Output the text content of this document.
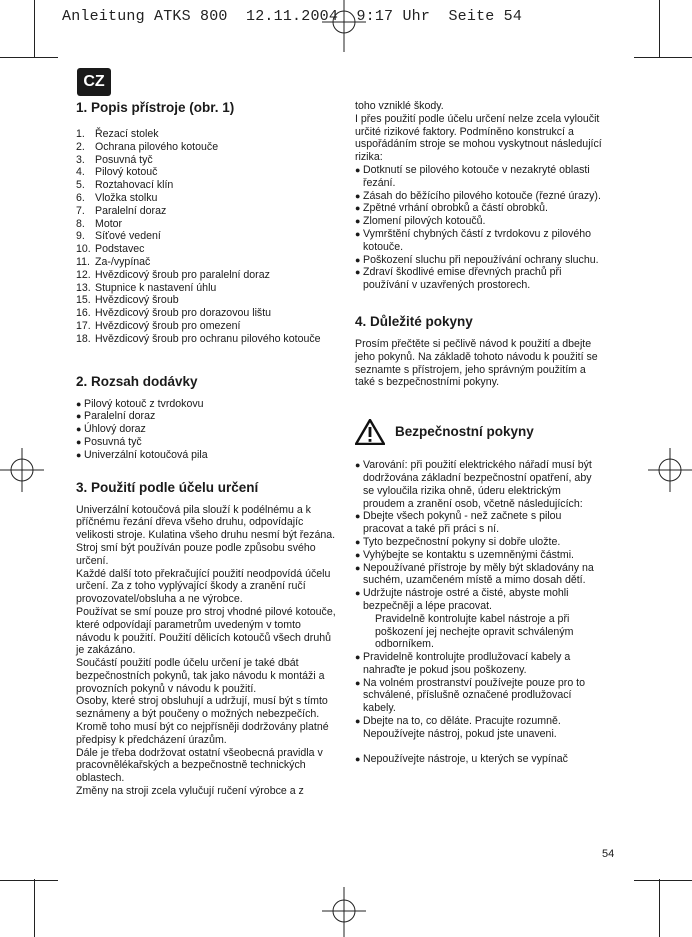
Anleitung ATKS 800  12.11.2004  9:17 Uhr  Seite 54
CZ
1. Popis přístroje (obr. 1)
1. Řezací stolek
2. Ochrana pilového kotouče
3. Posuvná tyč
4. Pilový kotouč
5. Roztahovací klín
6. Vložka stolku
7. Paralelní doraz
8. Motor
9. Síťové vedení
10. Podstavec
11. Za-/vypínač
12. Hvězdicový šroub pro paralelní doraz
13. Stupnice k nastavení úhlu
15. Hvězdicový šroub
16. Hvězdicový šroub pro dorazovou lištu
17. Hvězdicový šroub pro omezení
18. Hvězdicový šroub pro ochranu pilového kotouče
2. Rozsah dodávky
● Pilový kotouč z tvrdokovu
● Paralelní doraz
● Úhlový doraz
● Posuvná tyč
● Univerzální kotoučová pila
3. Použití podle účelu určení

Univerzální kotoučová pila slouží k podélnému a k příčnému řezání dřeva všeho druhu, odpovídajíc velikosti stroje. Kulatina všeho druhu nesmí být řezána.

Stroj smí být používán pouze podle způsobu svého určení.

Každé další toto překračující použití neodpovídá účelu určení. Za z toho vyplývající škody a zranění ručí provozovatel/obsluha a ne výrobce.

Používat se smí pouze pro stroj vhodné pilové kotouče, které odpovídají parametrům uvedeným v tomto návodu k použití. Použití dělicích kotoučů všech druhů je zakázáno.

Součástí použití podle účelu určení je také dbát bezpečnostních pokynů, tak jako návodu k montáži a provozních pokynů v návodu k použití.

Osoby, které stroj obsluhují a udržují, musí být s tímto seznámeny a být poučeny o možných nebezpečích.

Kromě toho musí být co nejpřísněji dodržovány platné předpisy k předcházení úrazům.

Dále je třeba dodržovat ostatní všeobecná pravidla v pracovnělékařských a bezpečnostně technických oblastech.

Změny na stroji zcela vylučují ručení výrobce a z

toho vzniklé škody.

I přes použití podle účelu určení nelze zcela vyloučit určité rizikové faktory. Podmíněno konstrukcí a uspořádáním stroje se mohou vyskytnout následující rizika:

● Dotknutí se pilového kotouče v nezakryté oblasti řezání.
● Zásah do běžícího pilového kotouče (řezné úrazy).
● Zpětné vrhání obrobků a částí obrobků.
● Zlomení pilových kotoučů.
● Vymrštění chybných částí z tvrdokovu z pilového kotouče.
● Poškození sluchu při nepoužívání ochrany sluchu.
● Zdraví škodlivé emise dřevných prachů při používání v uzavřených prostorech.
4. Důležité pokyny

Prosím přečtěte si pečlivě návod k použití a dbejte jeho pokynů. Na základě tohoto návodu k použití se seznamte s přístrojem, jeho správným použitím a také s bezpečnostními pokyny.

Bezpečnostní pokyny
● Varování: při použití elektrického nářadí musí být dodržována základní bezpečnostní opatření, aby se vyloučila rizika ohně, úderu elektrickým proudem a zranění osob, včetně následujících:
● Dbejte všech pokynů - než začnete s pilou pracovat a také při práci s ní.
● Tyto bezpečnostní pokyny si dobře uložte.
● Vyhýbejte se kontaktu s uzemněnými částmi.
● Nepoužívané přístroje by měly být skladovány na suchém, uzamčeném místě a mimo dosah dětí.
● Udržujte nástroje ostré a čisté, abyste mohli bezpečněji a lépe pracovat.
Pravidelně kontrolujte kabel nástroje a při poškození jej nechejte opravit schváleným odborníkem.
● Pravidelně kontrolujte prodlužovací kabely a nahraďte je pokud jsou poškozeny.
● Na volném prostranství používejte pouze pro to schválené, příslušně označené prodlužovací kabely.
● Dbejte na to, co děláte. Pracujte rozumně. Nepoužívejte nástroj, pokud jste unaveni.
● Nepoužívejte nástroje, u kterých se vypínač
54
